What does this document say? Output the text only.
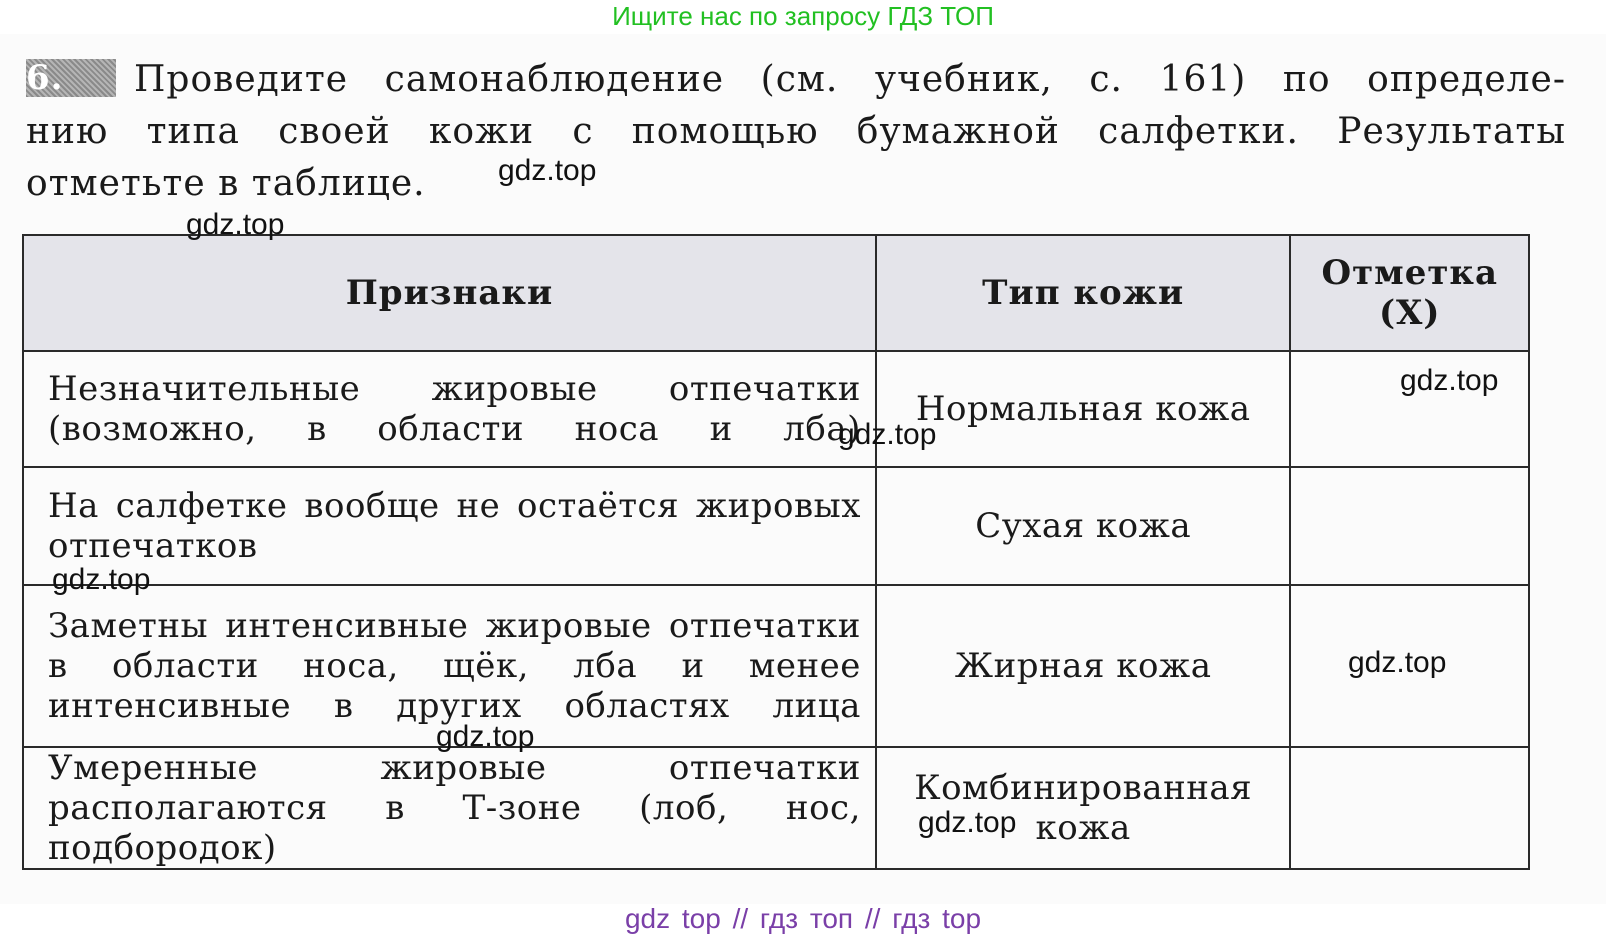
Ищите нас по запросу ГДЗ ТОП
6. Проведите самонаблюдение (см. учебник, с. 161) по определе-
нию типа своей кожи с помощью бумажной салфетки. Результаты
отметьте в таблице.
Признаки	Тип кожи	Отметка (X)
Незначительные жировые отпечатки (возможно, в области носа и лба)	Нормальная кожа	
На салфетке вообще не остаётся жировых отпечатков	Сухая кожа	
Заметны интенсивные жировые отпечатки в области носа, щёк, лба и менее интенсивные в других областях лица	Жирная кожа	
Умеренные жировые отпечатки располагаются в Т-зоне (лоб, нос, подбородок)	Комбинированная кожа	
gdz.top
gdz.top
gdz.top
gdz.top
gdz.top
gdz.top
gdz.top
gdz.top
gdz top // гдз топ // гдз top
